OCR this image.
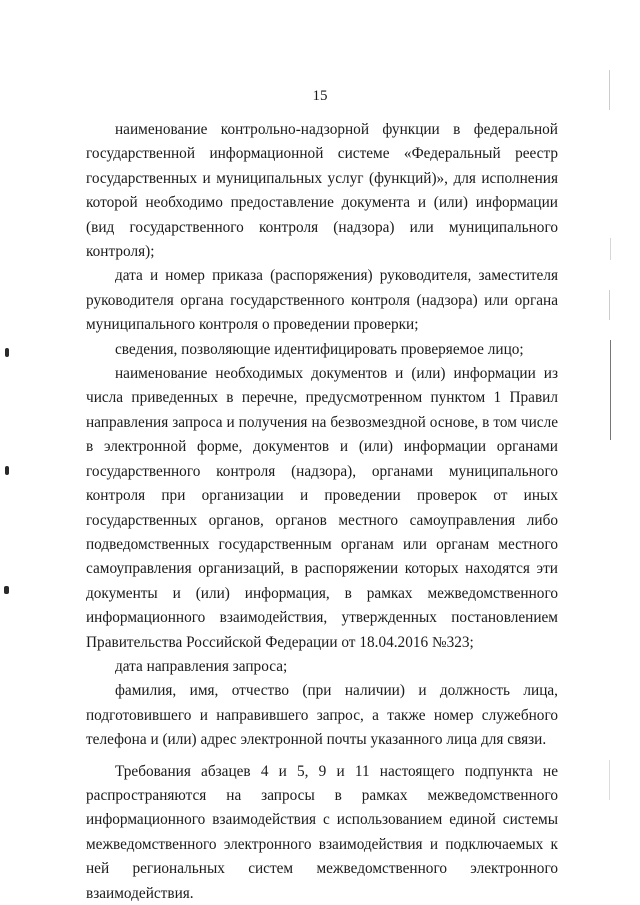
15

наименование контрольно-надзорной функции в федеральной государственной информационной системе «Федеральный реестр государственных и муниципальных услуг (функций)», для исполнения которой необходимо предоставление документа и (или) информации (вид государственного контроля (надзора) или муниципального контроля);

дата и номер приказа (распоряжения) руководителя, заместителя руководителя органа государственного контроля (надзора) или органа муниципального контроля о проведении проверки;

сведения, позволяющие идентифицировать проверяемое лицо;

наименование необходимых документов и (или) информации из числа приведенных в перечне, предусмотренном пунктом 1 Правил направления запроса и получения на безвозмездной основе, в том числе в электронной форме, документов и (или) информации органами государственного контроля (надзора), органами муниципального контроля при организации и проведении проверок от иных государственных органов, органов местного самоуправления либо подведомственных государственным органам или органам местного самоуправления организаций, в распоряжении которых находятся эти документы и (или) информация, в рамках межведомственного информационного взаимодействия, утвержденных постановлением Правительства Российской Федерации от 18.04.2016 №323;

дата направления запроса;

фамилия, имя, отчество (при наличии) и должность лица, подготовившего и направившего запрос, а также номер служебного телефона и (или) адрес электронной почты указанного лица для связи.

Требования абзацев 4 и 5, 9 и 11 настоящего подпункта не распространяются на запросы в рамках межведомственного информационного взаимодействия с использованием единой системы межведомственного электронного взаимодействия и подключаемых к ней региональных систем межведомственного электронного взаимодействия.
